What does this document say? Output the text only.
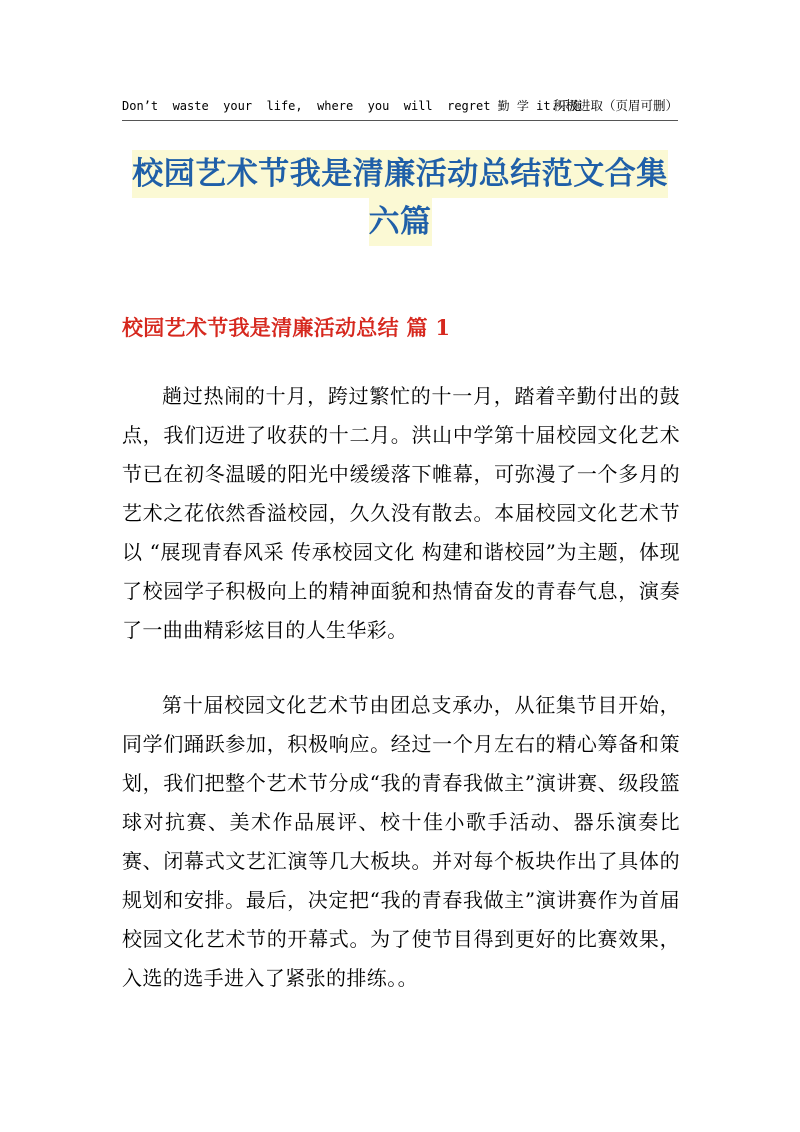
Don’t  waste  your  life,  where  you  will  regret 勤 学 it.乐施
积极进取（页眉可删）
校园艺术节我是清廉活动总结范文合集六篇
校园艺术节我是清廉活动总结 篇 1

趟过热闹的十月，跨过繁忙的十一月，踏着辛勤付出的鼓点，我们迈进了收获的十二月。洪山中学第十届校园文化艺术节已在初冬温暖的阳光中缓缓落下帷幕，可弥漫了一个多月的艺术之花依然香溢校园，久久没有散去。本届校园文化艺术节以 “展现青春风采 传承校园文化 构建和谐校园”为主题，体现了校园学子积极向上的精神面貌和热情奋发的青春气息，演奏了一曲曲精彩炫目的人生华彩。

第十届校园文化艺术节由团总支承办，从征集节目开始，同学们踊跃参加，积极响应。经过一个月左右的精心筹备和策划，我们把整个艺术节分成“我的青春我做主”演讲赛、级段篮球对抗赛、美术作品展评、校十佳小歌手活动、器乐演奏比赛、闭幕式文艺汇演等几大板块。并对每个板块作出了具体的规划和安排。最后，决定把“我的青春我做主”演讲赛作为首届校园文化艺术节的开幕式。为了使节目得到更好的比赛效果，入选的选手进入了紧张的排练。。
